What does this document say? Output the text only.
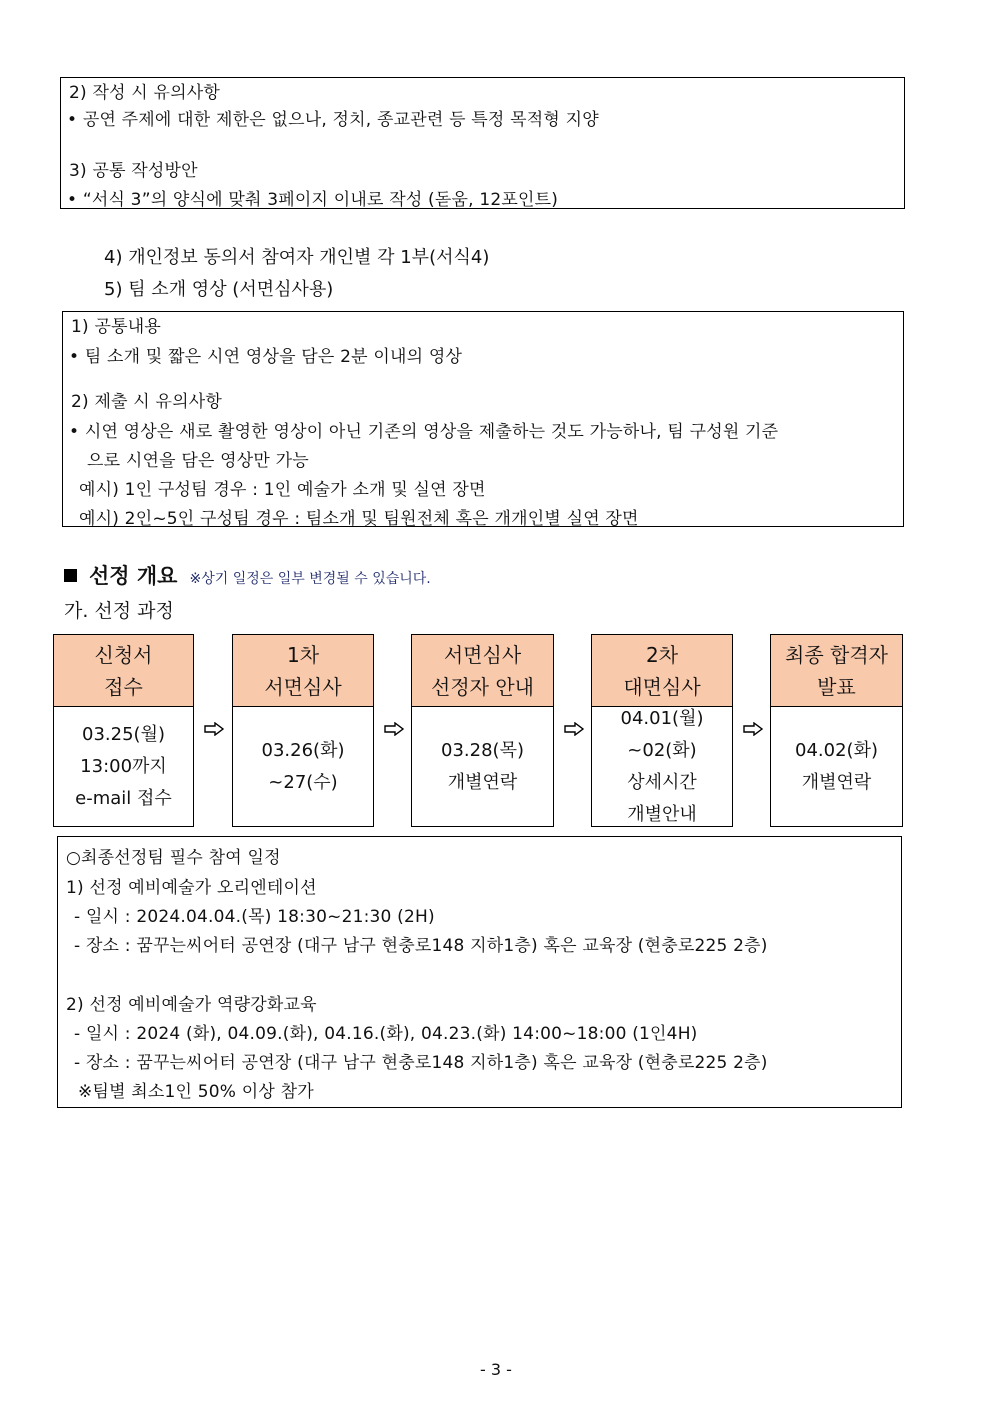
2) 작성 시 유의사항
• 공연 주제에 대한 제한은 없으나, 정치, 종교관련 등 특정 목적형 지양
3) 공통 작성방안
• “서식 3”의 양식에 맞춰 3페이지 이내로 작성 (돋움, 12포인트)
4) 개인정보 동의서 참여자 개인별 각 1부(서식4)
5) 팀 소개 영상 (서면심사용)
1) 공통내용
• 팀 소개 및 짧은 시연 영상을 담은 2분 이내의 영상
2) 제출 시 유의사항
• 시연 영상은 새로 촬영한 영상이 아닌 기존의 영상을 제출하는 것도 가능하나, 팀 구성원 기준
으로 시연을 담은 영상만 가능
예시) 1인 구성팀 경우 : 1인 예술가 소개 및 실연 장면
예시) 2인~5인 구성팀 경우 : 팀소개 및 팀원전체 혹은 개개인별 실연 장면
선정 개요 ※상기 일정은 일부 변경될 수 있습니다.
가. 선정 과정
신청서
접수
03.25(월)
13:00까지
e-mail 접수
1차
서면심사
03.26(화)
~27(수)
서면심사
선정자 안내
03.28(목)
개별연락
2차
대면심사
04.01(월)
~02(화)
상세시간
개별안내
최종 합격자
발표
04.02(화)
개별연락
○최종선정팀 필수 참여 일정
1) 선정 예비예술가 오리엔테이션
- 일시 : 2024.04.04.(목) 18:30~21:30 (2H)
- 장소 : 꿈꾸는씨어터 공연장 (대구 남구 현충로148 지하1층) 혹은 교육장 (현충로225 2층)
2) 선정 예비예술가 역량강화교육
- 일시 : 2024 (화), 04.09.(화), 04.16.(화), 04.23.(화) 14:00~18:00 (1인4H)
- 장소 : 꿈꾸는씨어터 공연장 (대구 남구 현충로148 지하1층) 혹은 교육장 (현충로225 2층)
※팀별 최소1인 50% 이상 참가
- 3 -
